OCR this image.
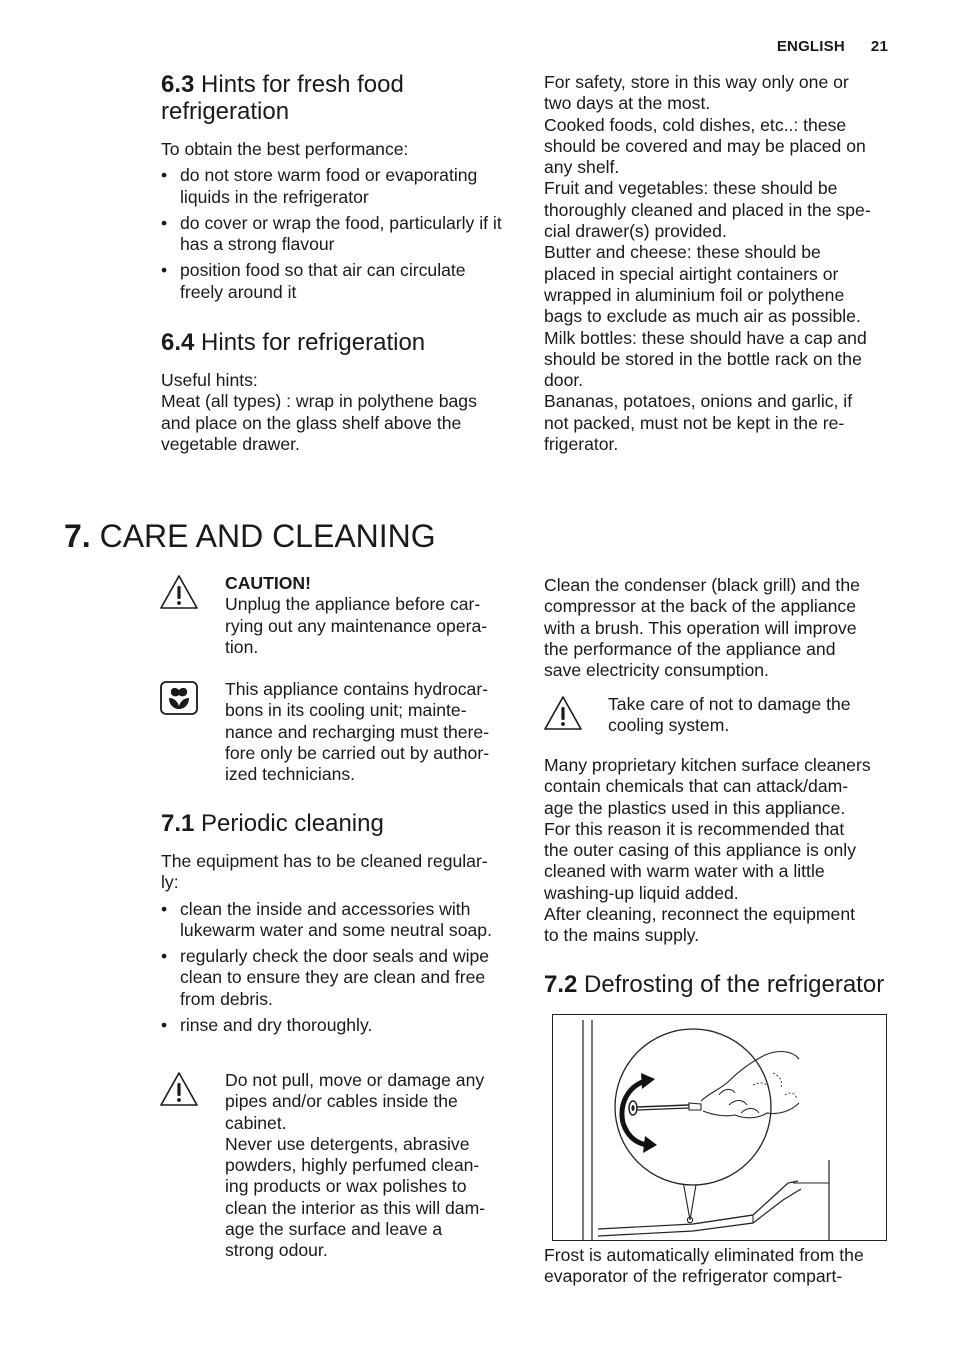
ENGLISH 21
6.3 Hints for fresh food
refrigeration
To obtain the best performance:
• do not store warm food or evaporating liquids in the refrigerator
• do cover or wrap the food, particularly if it has a strong flavour
• position food so that air can circulate freely around it
6.4 Hints for refrigeration
Useful hints:
Meat (all types) : wrap in polythene bags
and place on the glass shelf above the
vegetable drawer.
For safety, store in this way only one or
two days at the most.
Cooked foods, cold dishes, etc..: these
should be covered and may be placed on
any shelf.
Fruit and vegetables: these should be
thoroughly cleaned and placed in the spe-
cial drawer(s) provided.
Butter and cheese: these should be
placed in special airtight containers or
wrapped in aluminium foil or polythene
bags to exclude as much air as possible.
Milk bottles: these should have a cap and
should be stored in the bottle rack on the
door.
Bananas, potatoes, onions and garlic, if
not packed, must not be kept in the re-
frigerator.
7. CARE AND CLEANING
CAUTION!
Unplug the appliance before car-
rying out any maintenance opera-
tion.
This appliance contains hydrocar-
bons in its cooling unit; mainte-
nance and recharging must there-
fore only be carried out by author-
ized technicians.
7.1 Periodic cleaning
The equipment has to be cleaned regular-
ly:
• clean the inside and accessories with lukewarm water and some neutral soap.
• regularly check the door seals and wipe clean to ensure they are clean and free from debris.
• rinse and dry thoroughly.
Do not pull, move or damage any
pipes and/or cables inside the
cabinet.
Never use detergents, abrasive
powders, highly perfumed clean-
ing products or wax polishes to
clean the interior as this will dam-
age the surface and leave a
strong odour.
Clean the condenser (black grill) and the
compressor at the back of the appliance
with a brush. This operation will improve
the performance of the appliance and
save electricity consumption.
Take care of not to damage the
cooling system.
Many proprietary kitchen surface cleaners
contain chemicals that can attack/dam-
age the plastics used in this appliance.
For this reason it is recommended that
the outer casing of this appliance is only
cleaned with warm water with a little
washing-up liquid added.
After cleaning, reconnect the equipment
to the mains supply.
7.2 Defrosting of the refrigerator
Frost is automatically eliminated from the
evaporator of the refrigerator compart-
